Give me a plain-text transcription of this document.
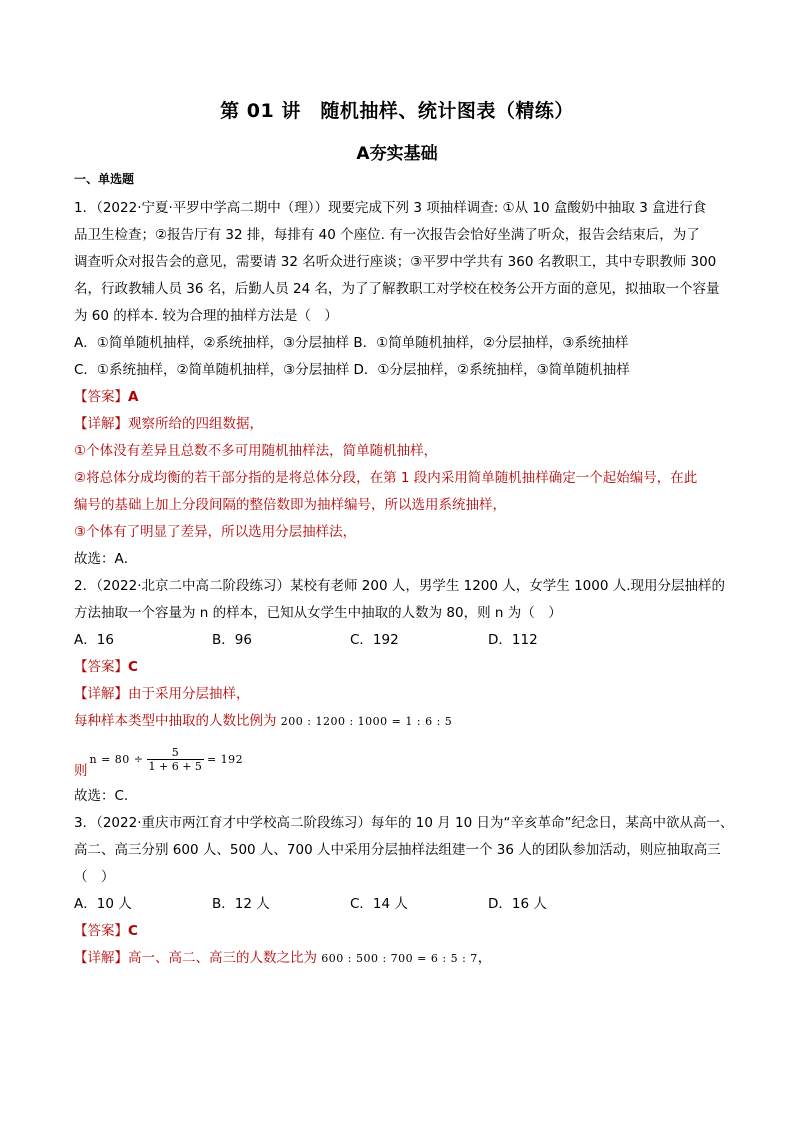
第 01 讲　随机抽样、统计图表（精练）
A夯实基础
一、单选题
1．（2022·宁夏·平罗中学高二期中（理））现要完成下列 3 项抽样调查: ①从 10 盒酸奶中抽取 3 盒进行食
品卫生检查；②报告厅有 32 排，每排有 40 个座位. 有一次报告会恰好坐满了听众，报告会结束后，为了
调查听众对报告会的意见，需要请 32 名听众进行座谈；③平罗中学共有 360 名教职工，其中专职教师 300
名，行政教辅人员 36 名，后勤人员 24 名，为了了解教职工对学校在校务公开方面的意见，拟抽取一个容量
为 60 的样本. 较为合理的抽样方法是（　）
A．①简单随机抽样，②系统抽样，③分层抽样 B．①简单随机抽样，②分层抽样，③系统抽样
C．①系统抽样，②简单随机抽样，③分层抽样 D．①分层抽样，②系统抽样，③简单随机抽样
【答案】A
【详解】观察所给的四组数据，
①个体没有差异且总数不多可用随机抽样法，简单随机抽样，
②将总体分成均衡的若干部分指的是将总体分段，在第 1 段内采用简单随机抽样确定一个起始编号，在此
编号的基础上加上分段间隔的整倍数即为抽样编号，所以选用系统抽样，
③个体有了明显了差异，所以选用分层抽样法，
故选：A．
2．（2022·北京二中高二阶段练习）某校有老师 200 人，男学生 1200 人，女学生 1000 人.现用分层抽样的
方法抽取一个容量为 n 的样本，已知从女学生中抽取的人数为 80，则 n 为（　）
A．16	B．96	C．192	D．112
【答案】C
【详解】由于采用分层抽样，
每种样本类型中抽取的人数比例为 200 : 1200 : 1000 = 1 : 6 : 5
则
$n = 80 \div \frac{5}{1 + 6 + 5} = 192$
故选：C.
3．（2022·重庆市两江育才中学校高二阶段练习）每年的 10 月 10 日为“辛亥革命”纪念日，某高中欲从高一、
高二、高三分别 600 人、500 人、700 人中采用分层抽样法组建一个 36 人的团队参加活动，则应抽取高三
（　）
A．10 人	B．12 人	C．14 人	D．16 人
【答案】C
【详解】高一、高二、高三的人数之比为 600 : 500 : 700 = 6 : 5 : 7，
